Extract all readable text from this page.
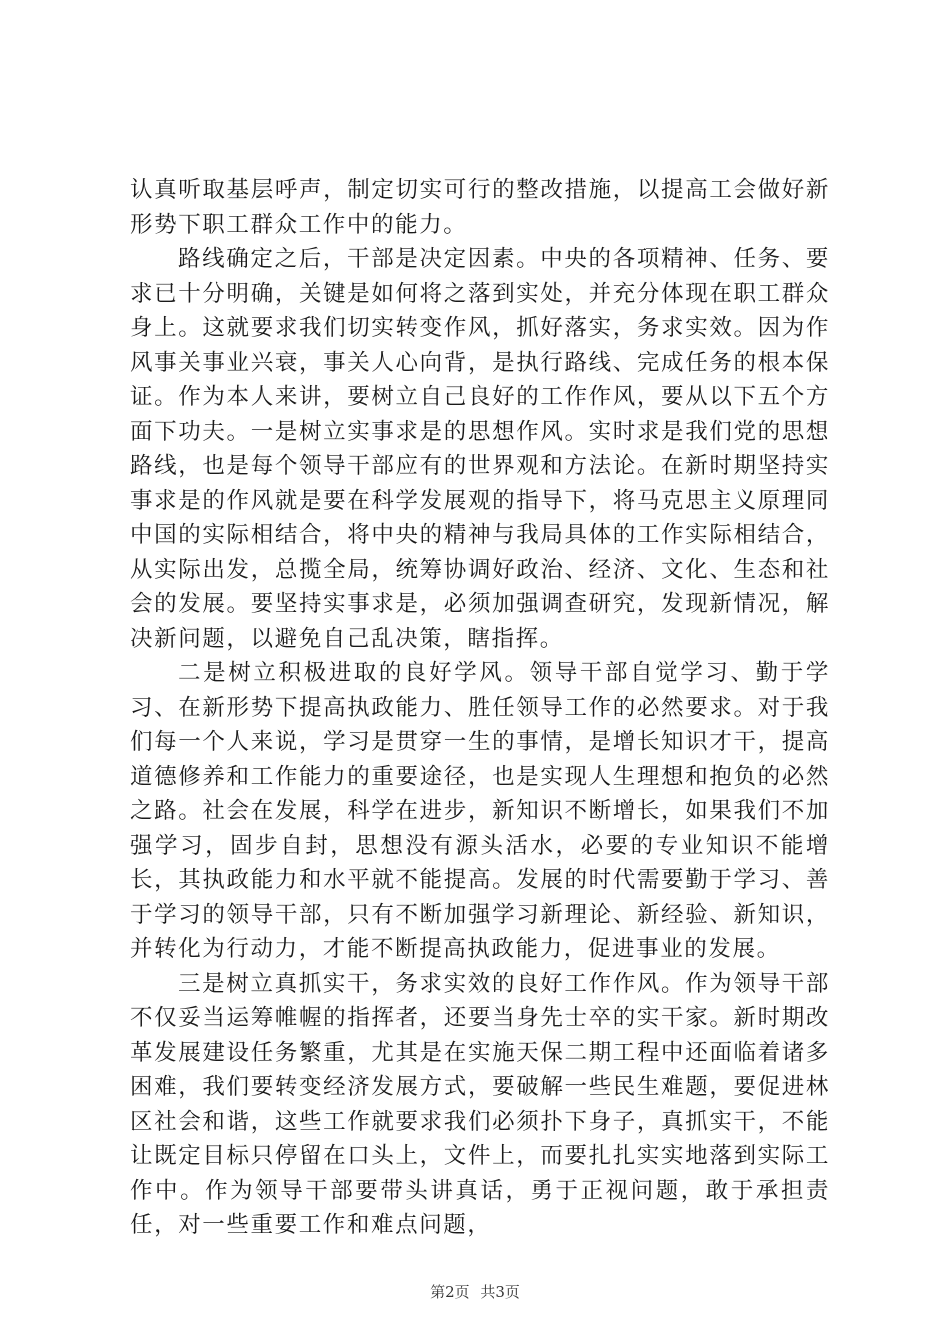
认真听取基层呼声，制定切实可行的整改措施，以提高工会做好新形势下职工群众工作中的能力。

路线确定之后，干部是决定因素。中央的各项精神、任务、要求已十分明确，关键是如何将之落到实处，并充分体现在职工群众身上。这就要求我们切实转变作风，抓好落实，务求实效。因为作风事关事业兴衰，事关人心向背，是执行路线、完成任务的根本保证。作为本人来讲，要树立自己良好的工作作风，要从以下五个方面下功夫。一是树立实事求是的思想作风。实时求是我们党的思想路线，也是每个领导干部应有的世界观和方法论。在新时期坚持实事求是的作风就是要在科学发展观的指导下，将马克思主义原理同中国的实际相结合，将中央的精神与我局具体的工作实际相结合，从实际出发，总揽全局，统筹协调好政治、经济、文化、生态和社会的发展。要坚持实事求是，必须加强调查研究，发现新情况，解决新问题，以避免自己乱决策，瞎指挥。

二是树立积极进取的良好学风。领导干部自觉学习、勤于学习、在新形势下提高执政能力、胜任领导工作的必然要求。对于我们每一个人来说，学习是贯穿一生的事情，是增长知识才干，提高道德修养和工作能力的重要途径，也是实现人生理想和抱负的必然之路。社会在发展，科学在进步，新知识不断增长，如果我们不加强学习，固步自封，思想没有源头活水，必要的专业知识不能增长，其执政能力和水平就不能提高。发展的时代需要勤于学习、善于学习的领导干部，只有不断加强学习新理论、新经验、新知识，并转化为行动力，才能不断提高执政能力，促进事业的发展。

三是树立真抓实干，务求实效的良好工作作风。作为领导干部不仅妥当运筹帷幄的指挥者，还要当身先士卒的实干家。新时期改革发展建设任务繁重，尤其是在实施天保二期工程中还面临着诸多困难，我们要转变经济发展方式，要破解一些民生难题，要促进林区社会和谐，这些工作就要求我们必须扑下身子，真抓实干，不能让既定目标只停留在口头上，文件上，而要扎扎实实地落到实际工作中。作为领导干部要带头讲真话，勇于正视问题，敢于承担责任，对一些重要工作和难点问题，

第2页 共3页
